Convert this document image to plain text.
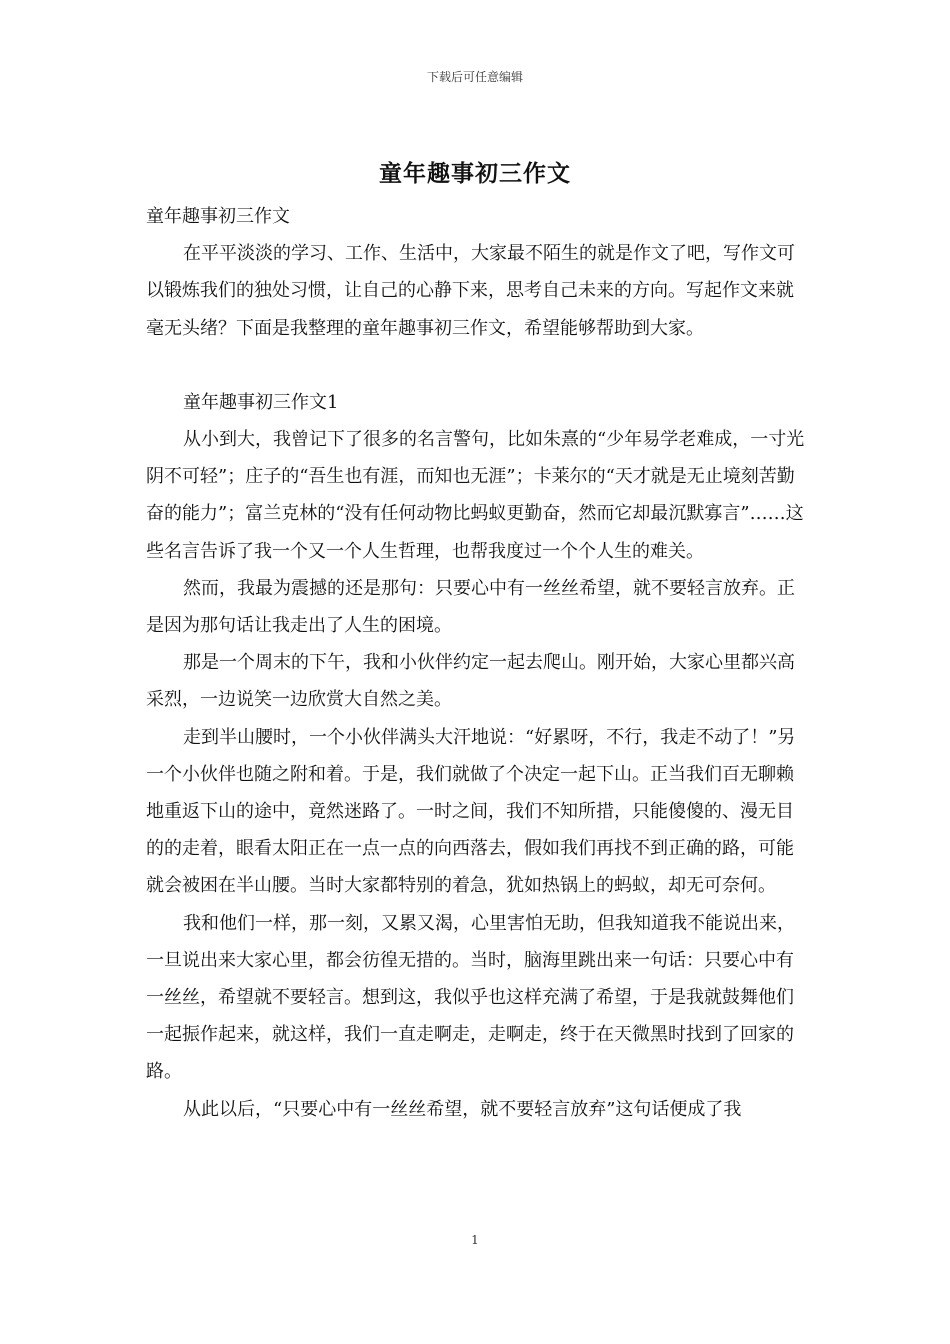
下载后可任意编辑
童年趣事初三作文

童年趣事初三作文

在平平淡淡的学习、工作、生活中，大家最不陌生的就是作文了吧，写作文可以锻炼我们的独处习惯，让自己的心静下来，思考自己未来的方向。写起作文来就毫无头绪？下面是我整理的童年趣事初三作文，希望能够帮助到大家。

童年趣事初三作文1

从小到大，我曾记下了很多的名言警句，比如朱熹的“少年易学老难成，一寸光阴不可轻”；庄子的“吾生也有涯，而知也无涯”；卡莱尔的“天才就是无止境刻苦勤奋的能力”；富兰克林的“没有任何动物比蚂蚁更勤奋，然而它却最沉默寡言”……这些名言告诉了我一个又一个人生哲理，也帮我度过一个个人生的难关。

然而，我最为震撼的还是那句：只要心中有一丝丝希望，就不要轻言放弃。正是因为那句话让我走出了人生的困境。

那是一个周末的下午，我和小伙伴约定一起去爬山。刚开始，大家心里都兴高采烈，一边说笑一边欣赏大自然之美。

走到半山腰时，一个小伙伴满头大汗地说：“好累呀，不行，我走不动了！”另一个小伙伴也随之附和着。于是，我们就做了个决定一起下山。正当我们百无聊赖地重返下山的途中，竟然迷路了。一时之间，我们不知所措，只能傻傻的、漫无目的的走着，眼看太阳正在一点一点的向西落去，假如我们再找不到正确的路，可能就会被困在半山腰。当时大家都特别的着急，犹如热锅上的蚂蚁，却无可奈何。

我和他们一样，那一刻，又累又渴，心里害怕无助，但我知道我不能说出来，一旦说出来大家心里，都会彷徨无措的。当时，脑海里跳出来一句话：只要心中有一丝丝，希望就不要轻言。想到这，我似乎也这样充满了希望，于是我就鼓舞他们一起振作起来，就这样，我们一直走啊走，走啊走，终于在天微黑时找到了回家的路。

从此以后，“只要心中有一丝丝希望，就不要轻言放弃”这句话便成了我

1
